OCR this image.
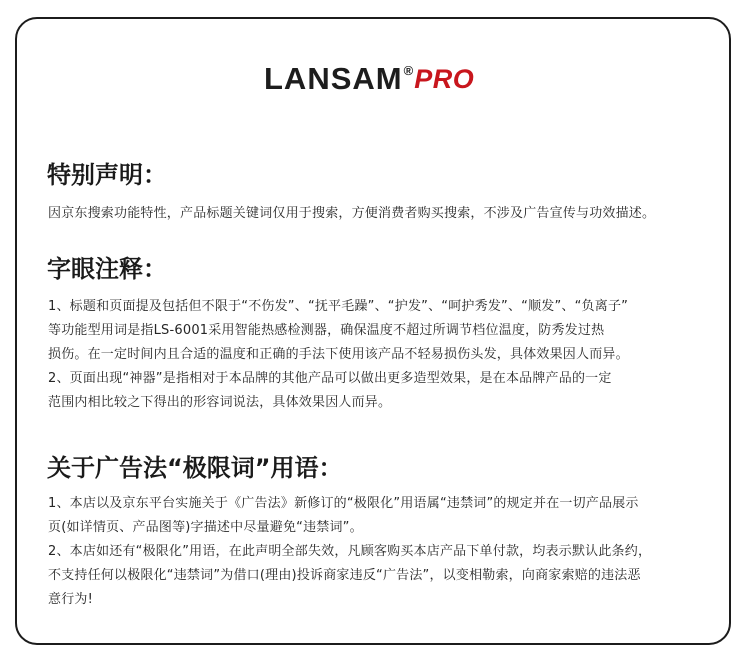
LANSAM ® PRO
特别声明：
因京东搜索功能特性，产品标题关键词仅用于搜索，方便消费者购买搜索，不涉及广告宣传与功效描述。
字眼注释：
1、标题和页面提及包括但不限于“不伤发”、“抚平毛躁”、“护发”、“呵护秀发”、“顺发”、“负离子”
等功能型用词是指LS-6001采用智能热感检测器，确保温度不超过所调节档位温度，防秀发过热
损伤。在一定时间内且合适的温度和正确的手法下使用该产品不轻易损伤头发，具体效果因人而异。
2、页面出现“神器”是指相对于本品牌的其他产品可以做出更多造型效果，是在本品牌产品的一定
范围内相比较之下得出的形容词说法，具体效果因人而异。
关于广告法“极限词”用语：
1、本店以及京东平台实施关于《广告法》新修订的“极限化”用语属“违禁词”的规定并在一切产品展示
页(如详情页、产品图等)字描述中尽量避免“违禁词”。
2、本店如还有“极限化”用语，在此声明全部失效，凡顾客购买本店产品下单付款，均表示默认此条约，
不支持任何以极限化“违禁词”为借口(理由)投诉商家违反“广告法”，以变相勒索，向商家索赔的违法恶
意行为!
